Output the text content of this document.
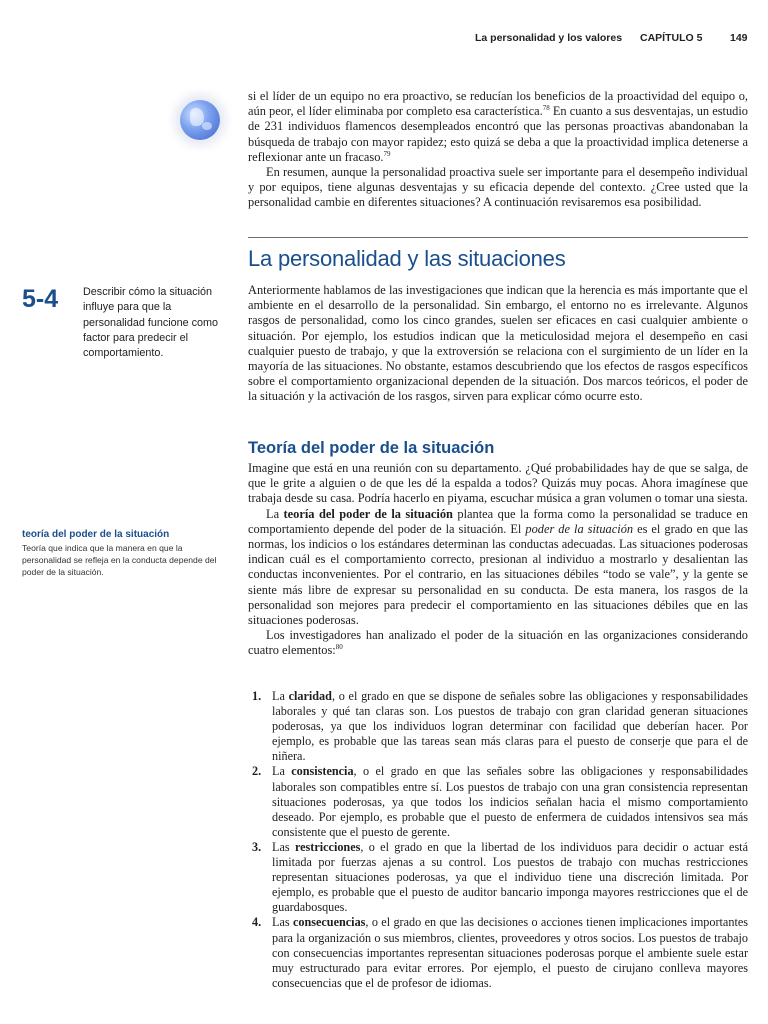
La personalidad y los valores CAPÍTULO 5	149

si el líder de un equipo no era proactivo, se reducían los beneficios de la proactividad del equipo o, aún peor, el líder eliminaba por completo esa característica.$^{78}$ En cuanto a sus desventajas, un estudio de 231 individuos flamencos desempleados encontró que las personas proactivas abandonaban la búsqueda de trabajo con mayor rapidez; esto quizá se deba a que la proactividad implica detenerse a reflexionar ante un fracaso.$^{79}$

En resumen, aunque la personalidad proactiva suele ser importante para el desempeño individual y por equipos, tiene algunas desventajas y su eficacia depende del contexto. ¿Cree usted que la personalidad cambie en diferentes situaciones? A continuación revisaremos esa posibilidad.

La personalidad y las situaciones
5-4 Describir cómo la situación influye para que la personalidad funcione como factor para predecir el comportamiento.

Anteriormente hablamos de las investigaciones que indican que la herencia es más importante que el ambiente en el desarrollo de la personalidad. Sin embargo, el entorno no es irrelevante. Algunos rasgos de personalidad, como los cinco grandes, suelen ser eficaces en casi cualquier ambiente o situación. Por ejemplo, los estudios indican que la meticulosidad mejora el desempeño en casi cualquier puesto de trabajo, y que la extroversión se relaciona con el surgimiento de un líder en la mayoría de las situaciones. No obstante, estamos descubriendo que los efectos de rasgos específicos sobre el comportamiento organizacional dependen de la situación. Dos marcos teóricos, el poder de la situación y la activación de los rasgos, sirven para explicar cómo ocurre esto.

Teoría del poder de la situación

Imagine que está en una reunión con su departamento. ¿Qué probabilidades hay de que se salga, de que le grite a alguien o de que les dé la espalda a todos? Quizás muy pocas. Ahora imagínese que trabaja desde su casa. Podría hacerlo en piyama, escuchar música a gran volumen o tomar una siesta.

La teoría del poder de la situación plantea que la forma como la personalidad se traduce en comportamiento depende del poder de la situación. El poder de la situación es el grado en que las normas, los indicios o los estándares determinan las conductas adecuadas. Las situaciones poderosas indican cuál es el comportamiento correcto, presionan al individuo a mostrarlo y desalientan las conductas inconvenientes. Por el contrario, en las situaciones débiles “todo se vale”, y la gente se siente más libre de expresar su personalidad en su conducta. De esta manera, los rasgos de la personalidad son mejores para predecir el comportamiento en las situaciones débiles que en las situaciones poderosas.

Los investigadores han analizado el poder de la situación en las organizaciones considerando cuatro elementos:$^{80}$

teoría del poder de la situación
Teoría que indica que la manera en que la personalidad se refleja en la conducta depende del poder de la situación.
1. La claridad, o el grado en que se dispone de señales sobre las obligaciones y responsabilidades laborales y qué tan claras son. Los puestos de trabajo con gran claridad generan situaciones poderosas, ya que los individuos logran determinar con facilidad que deberían hacer. Por ejemplo, es probable que las tareas sean más claras para el puesto de conserje que para el de niñera.
2. La consistencia, o el grado en que las señales sobre las obligaciones y responsabilidades laborales son compatibles entre sí. Los puestos de trabajo con una gran consistencia representan situaciones poderosas, ya que todos los indicios señalan hacia el mismo comportamiento deseado. Por ejemplo, es probable que el puesto de enfermera de cuidados intensivos sea más consistente que el puesto de gerente.
3. Las restricciones, o el grado en que la libertad de los individuos para decidir o actuar está limitada por fuerzas ajenas a su control. Los puestos de trabajo con muchas restricciones representan situaciones poderosas, ya que el individuo tiene una discreción limitada. Por ejemplo, es probable que el puesto de auditor bancario imponga mayores restricciones que el de guardabosques.
4. Las consecuencias, o el grado en que las decisiones o acciones tienen implicaciones importantes para la organización o sus miembros, clientes, proveedores y otros socios. Los puestos de trabajo con consecuencias importantes representan situaciones poderosas porque el ambiente suele estar muy estructurado para evitar errores. Por ejemplo, el puesto de cirujano conlleva mayores consecuencias que el de profesor de idiomas.
